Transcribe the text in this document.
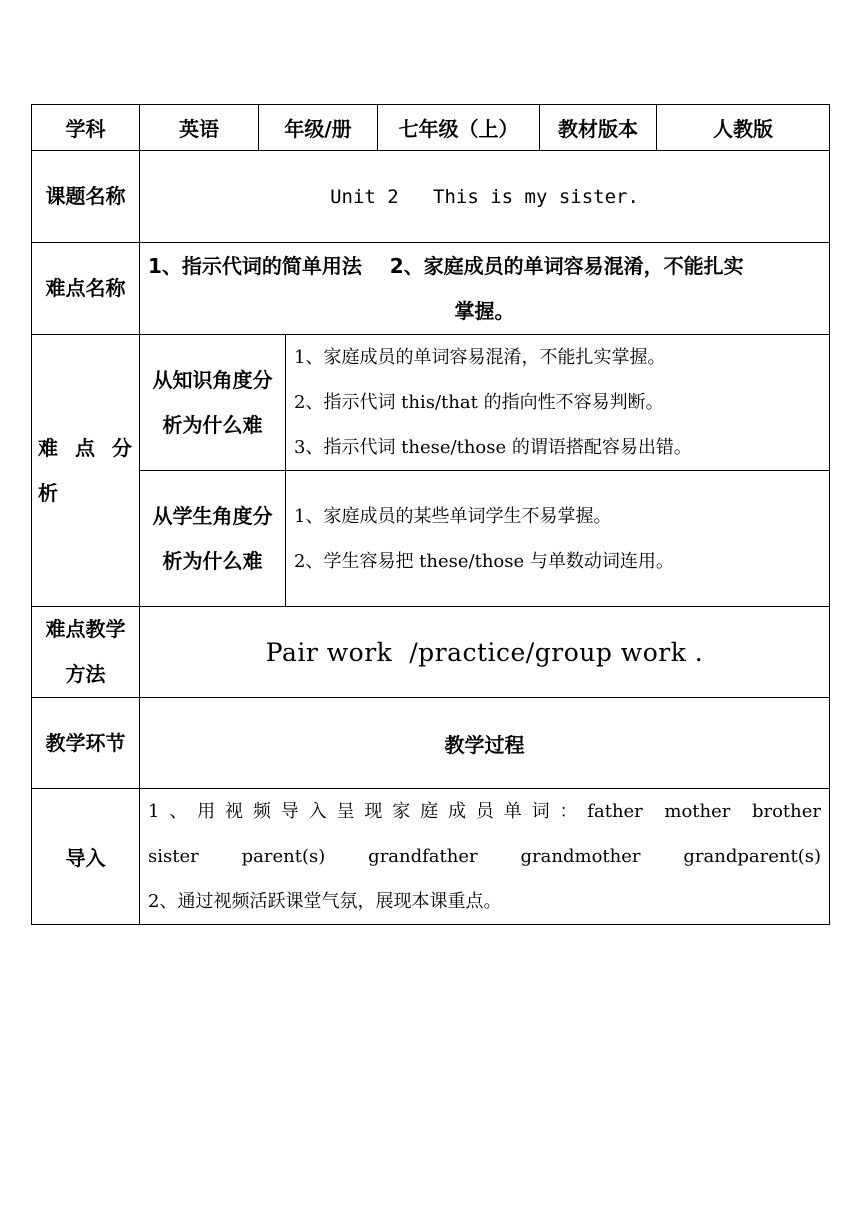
学科	英语	年级/册		七年级（上）	教材版本	人教版

课题名称	Unit 2   This is my sister.					

难点名称	1、指示代词的简单用法    2、家庭成员的单词容易混淆，不能扎实
掌握。					

难 点 分 析	从知识角度分析为什么难		1、家庭成员的单词容易混淆，不能扎实掌握。
2、指示代词 this/that 的指向性不容易判断。
3、指示代词 these/those 的谓语搭配容易出错。			

	从学生角度分析为什么难		1、家庭成员的某些单词学生不易掌握。
2、学生容易把 these/those 与单数动词连用。			

难点教学方法	Pair work  /practice/group work .					

教学环节	教学过程					
导入	1、用视频导入呈现家庭成员单词：father mother brother
sister parent(s) grandfather grandmother grandparent(s)
2、通过视频活跃课堂气氛，展现本课重点。					
